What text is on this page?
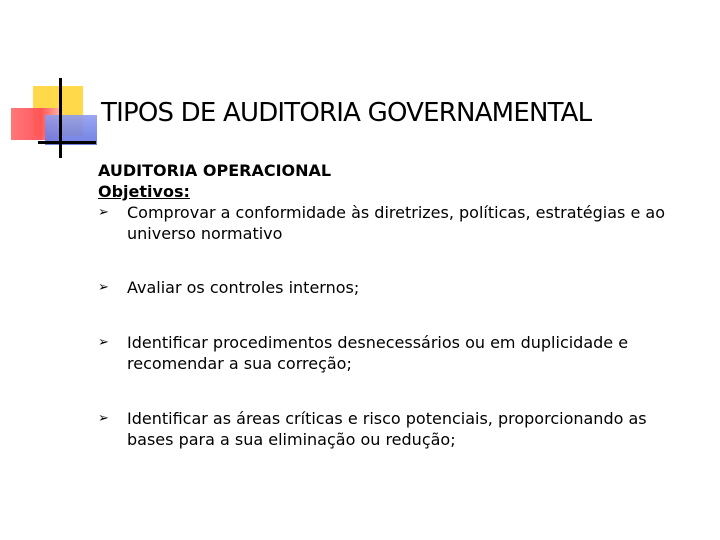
TIPOS DE AUDITORIA GOVERNAMENTAL
AUDITORIA OPERACIONAL
Objetivos:
➢ Comprovar a conformidade às diretrizes, políticas, estratégias e ao universo normativo
➢ Avaliar os controles internos;
➢ Identificar procedimentos desnecessários ou em duplicidade e recomendar a sua correção;
➢ Identificar as áreas críticas e risco potenciais, proporcionando as bases para a sua eliminação ou redução;
